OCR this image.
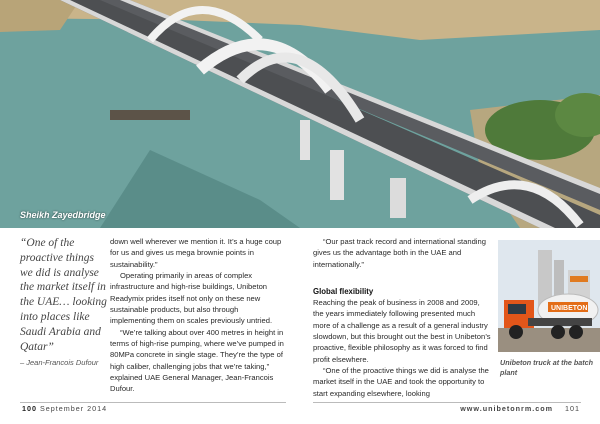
Sheikh Zayedbridge
“One of the proactive things we did is analyse the market itself in the UAE… looking into places like Saudi Arabia and Qatar”
– Jean-Francois Dufour

down well wherever we mention it. It’s a huge coup for us and gives us mega brownie points in sustainability.”

Operating primarily in areas of complex infrastructure and high-rise buildings, Unibeton Readymix prides itself not only on these new sustainable products, but also through implementing them on scales previously untried.

“We’re talking about over 400 metres in height in terms of high-rise pumping, where we’ve pumped in 80MPa concrete in single stage. They’re the type of high caliber, challenging jobs that we’re taking,” explained UAE General Manager, Jean-Francois Dufour.

“Our past track record and international standing gives us the advantage both in the UAE and internationally.”

Global flexibility

Reaching the peak of business in 2008 and 2009, the years immediately following presented much more of a challenge as a result of a general industry slowdown, but this brought out the best in Unibeton’s proactive, flexible philosophy as it was forced to find profit elsewhere.

“One of the proactive things we did is analyse the market itself in the UAE and took the opportunity to start expanding elsewhere, looking

UNIBETON
Unibeton truck at the batch plant
100 September 2014	www.unibetonrm.com 101
